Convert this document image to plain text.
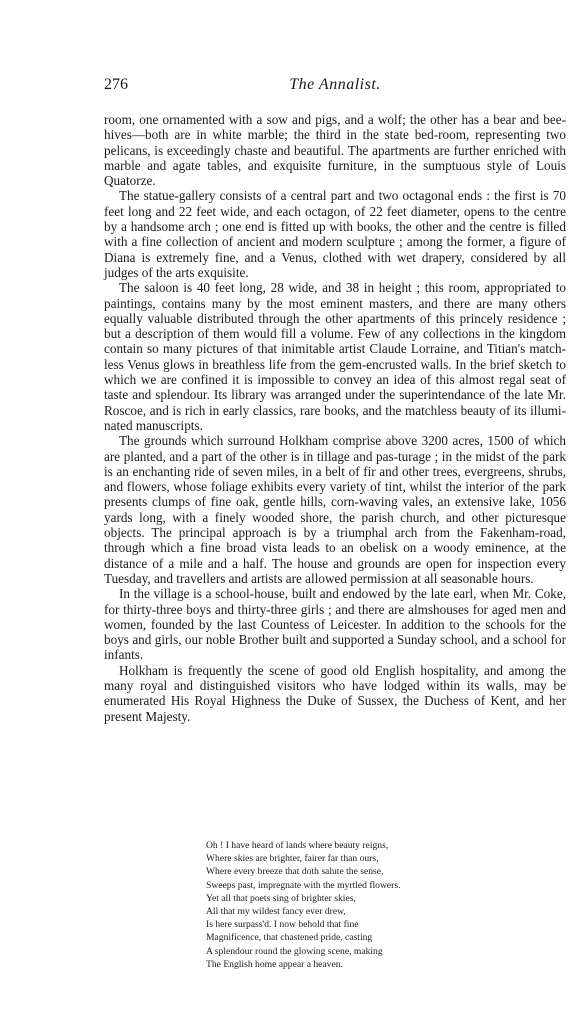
276	The Annalist.

room, one ornamented with a sow and pigs, and a wolf; the other has a bear and bee-hives—both are in white marble; the third in the state bed-room, representing two pelicans, is exceedingly chaste and beautiful. The apartments are further enriched with marble and agate tables, and exquisite furniture, in the sumptuous style of Louis Quatorze.

The statue-gallery consists of a central part and two octagonal ends : the first is 70 feet long and 22 feet wide, and each octagon, of 22 feet diameter, opens to the centre by a handsome arch ; one end is fitted up with books, the other and the centre is filled with a fine collection of ancient and modern sculpture ; among the former, a figure of Diana is extremely fine, and a Venus, clothed with wet drapery, considered by all judges of the arts exquisite.

The saloon is 40 feet long, 28 wide, and 38 in height ; this room, appropriated to paintings, contains many by the most eminent masters, and there are many others equally valuable distributed through the other apartments of this princely residence ; but a description of them would fill a volume. Few of any collections in the kingdom contain so many pictures of that inimitable artist Claude Lorraine, and Titian's match-less Venus glows in breathless life from the gem-encrusted walls. In the brief sketch to which we are confined it is impossible to convey an idea of this almost regal seat of taste and splendour. Its library was arranged under the superintendance of the late Mr. Roscoe, and is rich in early classics, rare books, and the matchless beauty of its illumi-nated manuscripts.

The grounds which surround Holkham comprise above 3200 acres, 1500 of which are planted, and a part of the other is in tillage and pas-turage ; in the midst of the park is an enchanting ride of seven miles, in a belt of fir and other trees, evergreens, shrubs, and flowers, whose foliage exhibits every variety of tint, whilst the interior of the park presents clumps of fine oak, gentle hills, corn-waving vales, an extensive lake, 1056 yards long, with a finely wooded shore, the parish church, and other picturesque objects. The principal approach is by a triumphal arch from the Fakenham-road, through which a fine broad vista leads to an obelisk on a woody eminence, at the distance of a mile and a half. The house and grounds are open for inspection every Tuesday, and travellers and artists are allowed permission at all seasonable hours.

In the village is a school-house, built and endowed by the late earl, when Mr. Coke, for thirty-three boys and thirty-three girls ; and there are almshouses for aged men and women, founded by the last Countess of Leicester. In addition to the schools for the boys and girls, our noble Brother built and supported a Sunday school, and a school for infants.

Holkham is frequently the scene of good old English hospitality, and among the many royal and distinguished visitors who have lodged within its walls, may be enumerated His Royal Highness the Duke of Sussex, the Duchess of Kent, and her present Majesty.

Oh ! I have heard of lands where beauty reigns,
Where skies are brighter, fairer far than ours,
Where every breeze that doth salute the sense,
Sweeps past, impregnate with the myrtled flowers.
Yet all that poets sing of brighter skies,
All that my wildest fancy ever drew,
Is here surpass'd. I now behold that fine
Magnificence, that chastened pride, casting
A splendour round the glowing scene, making
The English home appear a heaven.
